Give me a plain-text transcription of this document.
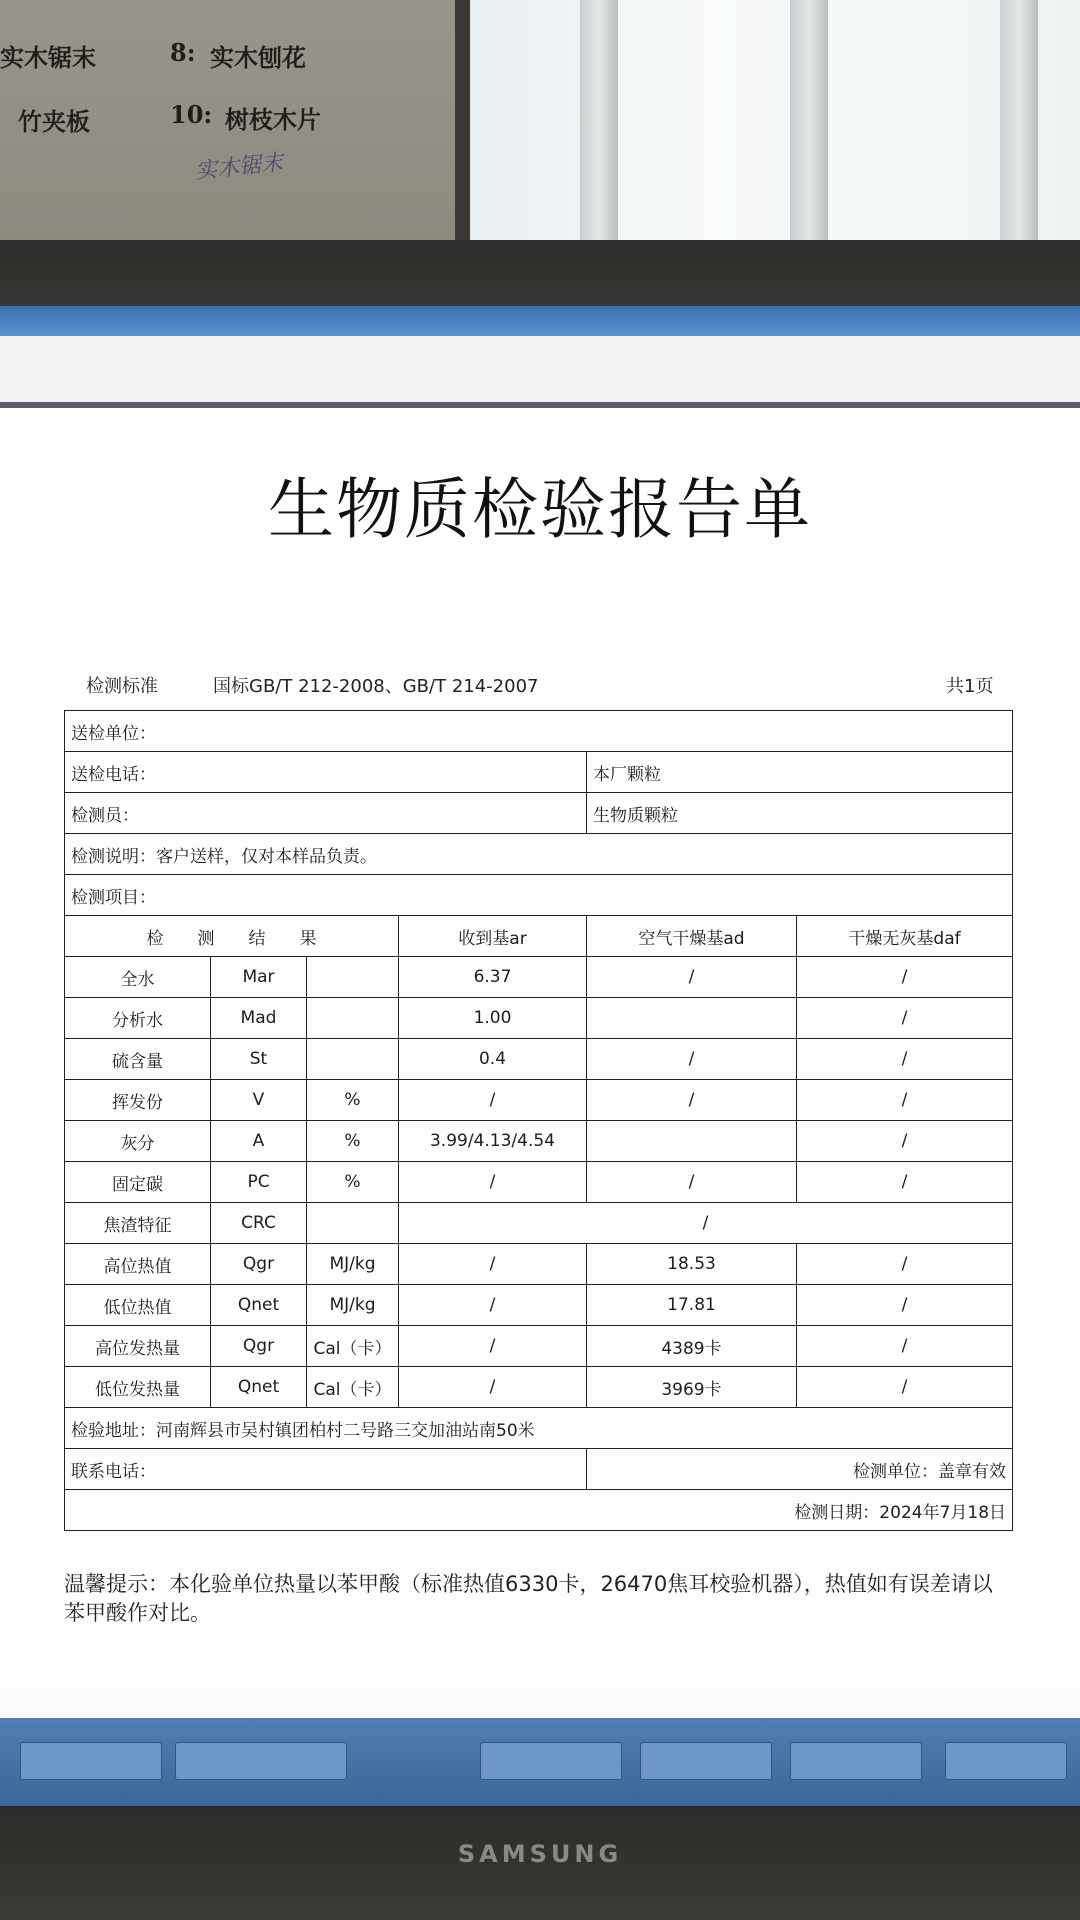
实木锯末	8: 实木刨花
竹夹板	10: 树枝木片
实木锯末
SAMSUNG
生物质检验报告单
检测标准	国标GB/T 212-2008、GB/T 214-2007	共1页
送检单位：					
送检电话：				本厂颗粒	
检测员：				生物质颗粒	
检测说明：客户送样，仅对本样品负责。					
检测项目：					
检　　测　　结　　果			收到基ar	空气干燥基ad	干燥无灰基daf
全水	Mar		6.37	/	/
分析水	Mad		1.00		/
硫含量	St		0.4	/	/
挥发份	V	%	/	/	/
灰分	A	%	3.99/4.13/4.54		/
固定碳	PC	%	/	/	/
焦渣特征	CRC		/		
高位热值	Qgr	MJ/kg	/	18.53	/
低位热值	Qnet	MJ/kg	/	17.81	/
高位发热量	Qgr	Cal（卡）	/	4389卡	/
低位发热量	Qnet	Cal（卡）	/	3969卡	/
检验地址：河南辉县市吴村镇团柏村二号路三交加油站南50米					
联系电话：				检测单位：盖章有效	
检测日期：2024年7月18日					
温馨提示：本化验单位热量以苯甲酸（标准热值6330卡，26470焦耳校验机器），热值如有误差请以苯甲酸作对比。
